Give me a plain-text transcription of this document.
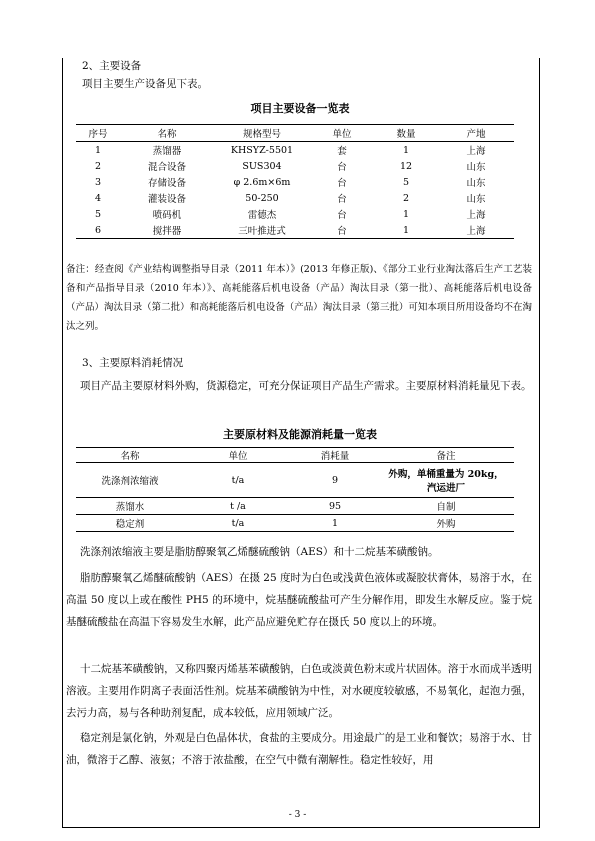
2、主要设备
项目主要生产设备见下表。
项目主要设备一览表
序号	名称	规格型号	单位	数量	产地
1	蒸馏器	KHSYZ-5501	套	1	上海
2	混合设备	SUS304	台	12	山东
3	存储设备	φ 2.6m×6m	台	5	山东
4	灌装设备	50-250	台	2	山东
5	喷码机	雷德杰	台	1	上海
6	搅拌器	三叶推进式	台	1	上海
备注：经查阅《产业结构调整指导目录（2011 年本）》(2013 年修正版)、《部分工业行业淘汰落后生产工艺装备和产品指导目录（2010 年本）》、高耗能落后机电设备（产品）淘汰目录（第一批）、高耗能落后机电设备（产品）淘汰目录（第二批）和高耗能落后机电设备（产品）淘汰目录（第三批）可知本项目所用设备均不在淘汰之列。
3、主要原料消耗情况
项目产品主要原材料外购，货源稳定，可充分保证项目产品生产需求。主要原材料消耗量见下表。
主要原材料及能源消耗量一览表
名称	单位	消耗量	备注
洗涤剂浓缩液	t/a	9	外购，单桶重量为 20kg，汽运进厂
蒸馏水	t /a	95	自制
稳定剂	t/a	1	外购
洗涤剂浓缩液主要是脂肪醇聚氧乙烯醚硫酸钠（AES）和十二烷基苯磺酸钠。
脂肪醇聚氧乙烯醚硫酸钠（AES）在摄 25 度时为白色或浅黄色液体或凝胶状膏体，易溶于水，在高温 50 度以上或在酸性 PH5 的环境中，烷基醚硫酸盐可产生分解作用，即发生水解反应。鉴于烷基醚硫酸盐在高温下容易发生水解，此产品应避免贮存在摄氏 50 度以上的环境。
十二烷基苯磺酸钠，又称四聚丙烯基苯磺酸钠，白色或淡黄色粉末或片状固体。溶于水而成半透明溶液。主要用作阴离子表面活性剂。烷基苯磺酸钠为中性，对水硬度较敏感，不易氧化，起泡力强，去污力高，易与各种助剂复配，成本较低，应用领域广泛。
稳定剂是氯化钠，外观是白色晶体状，食盐的主要成分。用途最广的是工业和餐饮；易溶于水、甘油，微溶于乙醇、液氨；不溶于浓盐酸，在空气中微有潮解性。稳定性较好，用
- 3 -
